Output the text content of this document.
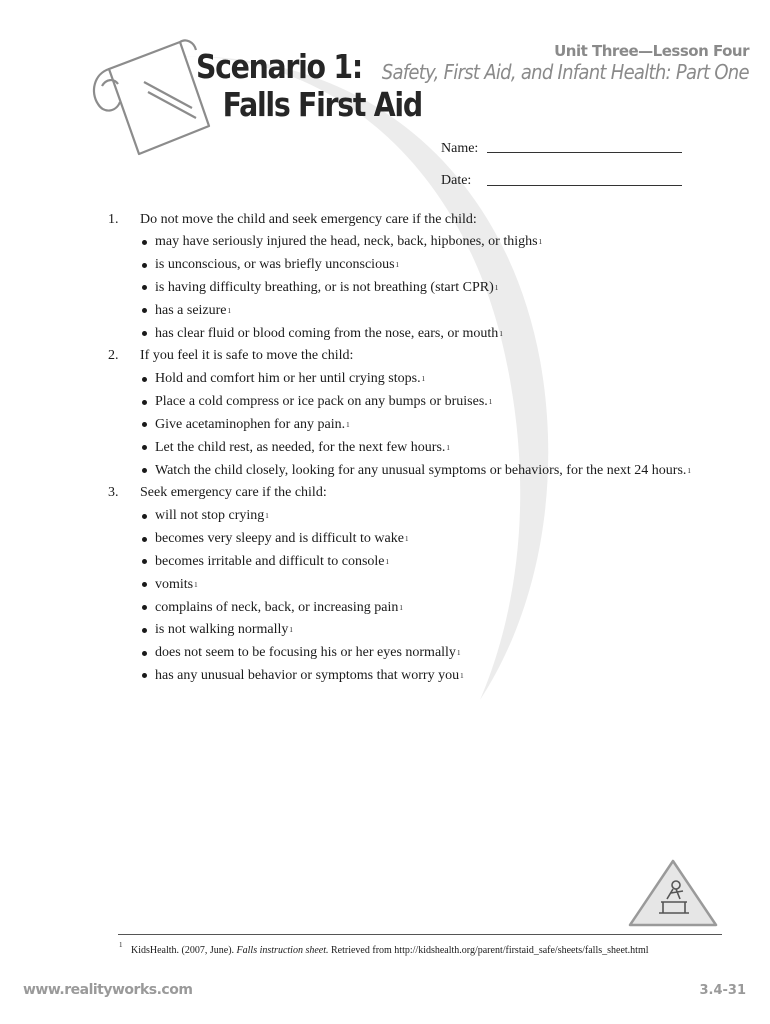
Scenario 1:
Falls First Aid
Unit Three—Lesson Four
Safety, First Aid, and Infant Health: Part One
Name:
Date:
1.	Do not move the child and seek emergency care if the child:
may have seriously injured the head, neck, back, hipbones, or thighs 1
is unconscious, or was briefly unconscious 1
is having difficulty breathing, or is not breathing (start CPR) 1
has a seizure 1
has clear fluid or blood coming from the nose, ears, or mouth 1
2.	If you feel it is safe to move the child:
Hold and comfort him or her until crying stops. 1
Place a cold compress or ice pack on any bumps or bruises. 1
Give acetaminophen for any pain. 1
Let the child rest, as needed, for the next few hours. 1
Watch the child closely, looking for any unusual symptoms or behaviors, for the next 24 hours. 1
3.	Seek emergency care if the child:
will not stop crying 1
becomes very sleepy and is difficult to wake 1
becomes irritable and difficult to console 1
vomits 1
complains of neck, back, or increasing pain 1
is not walking normally 1
does not seem to be focusing his or her eyes normally 1
has any unusual behavior or symptoms that worry you 1
$^1$ KidsHealth. (2007, June). Falls instruction sheet. Retrieved from http://kidshealth.org/parent/firstaid_safe/sheets/falls_sheet.html
www.realityworks.com	3.4-31
